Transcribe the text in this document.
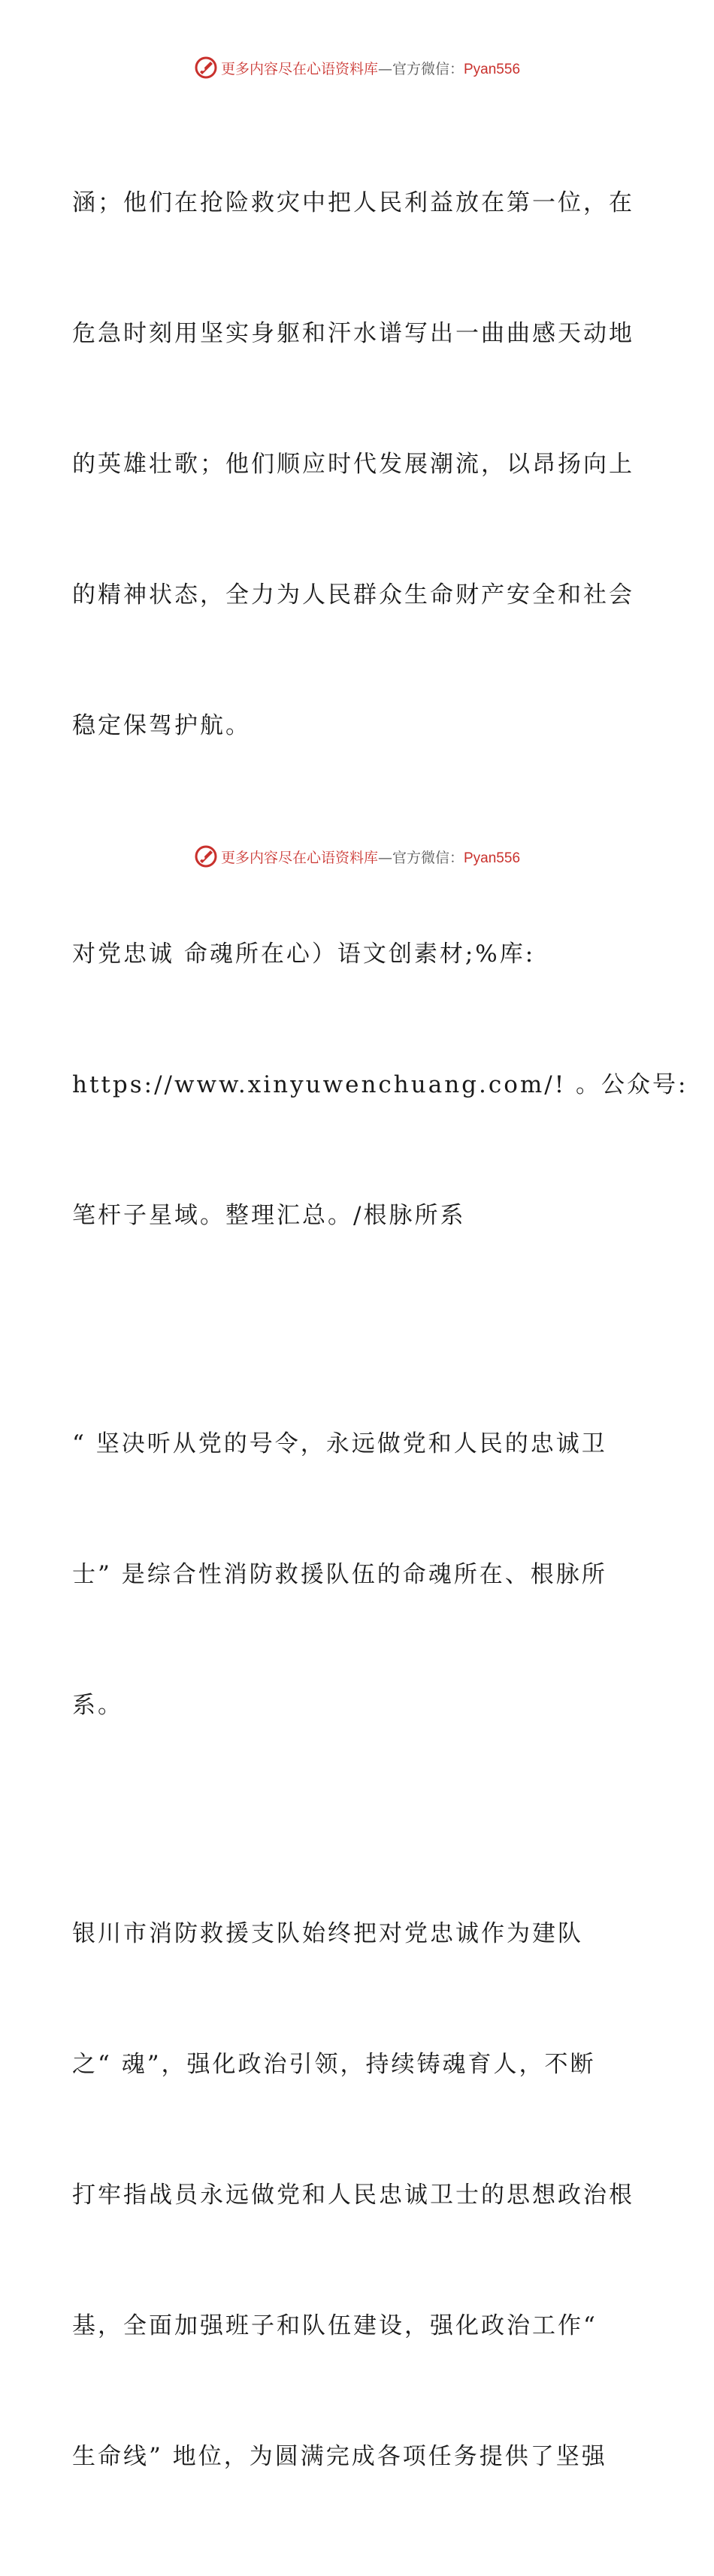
更多内容尽在心语资料库—官方微信：Pyan556

涵；他们在抢险救灾中把人民利益放在第一位，在

危急时刻用坚实身躯和汗水谱写出一曲曲感天动地

的英雄壮歌；他们顺应时代发展潮流，以昂扬向上

的精神状态，全力为人民群众生命财产安全和社会

稳定保驾护航。

对党忠诚 命魂所在心）语文创素材;%库:

https://www.xinyuwenchuang.com/! 。公众号:

笔杆子星域。整理汇总。/根脉所系

“ 坚决听从党的号令，永远做党和人民的忠诚卫

士” 是综合性消防救援队伍的命魂所在、根脉所

系。

银川市消防救援支队始终把对党忠诚作为建队

之“ 魂”，强化政治引领，持续铸魂育人，不断

打牢指战员永远做党和人民忠诚卫士的思想政治根

基，全面加强班子和队伍建设，强化政治工作“

生命线” 地位，为圆满完成各项任务提供了坚强

更多内容尽在心语资料库—官方微信：Pyan556
